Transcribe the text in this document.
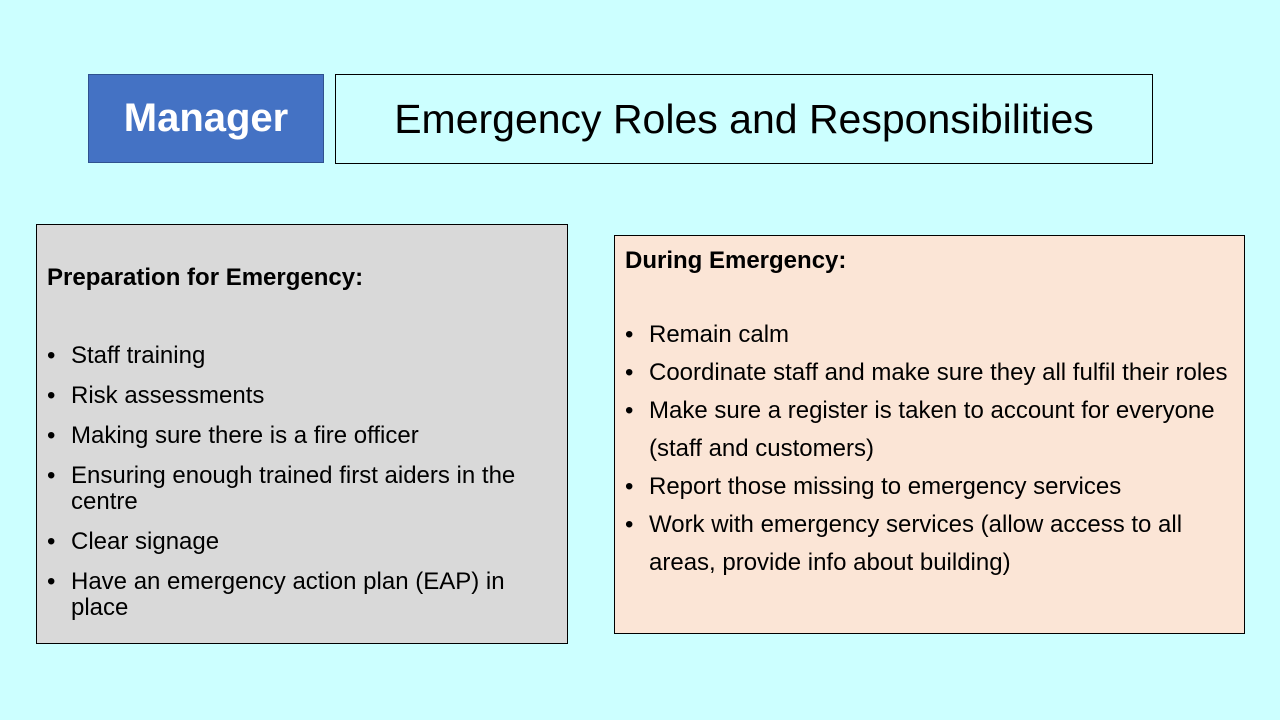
Manager	Emergency Roles and Responsibilities
Preparation for Emergency:
• Staff training
• Risk assessments
• Making sure there is a fire officer
• Ensuring enough trained first aiders in the centre
• Clear signage
• Have an emergency action plan (EAP) in place
During Emergency:
• Remain calm
• Coordinate staff and make sure they all fulfil their roles
• Make sure a register is taken to account for everyone (staff and customers)
• Report those missing to emergency services
• Work with emergency services (allow access to all areas, provide info about building)
